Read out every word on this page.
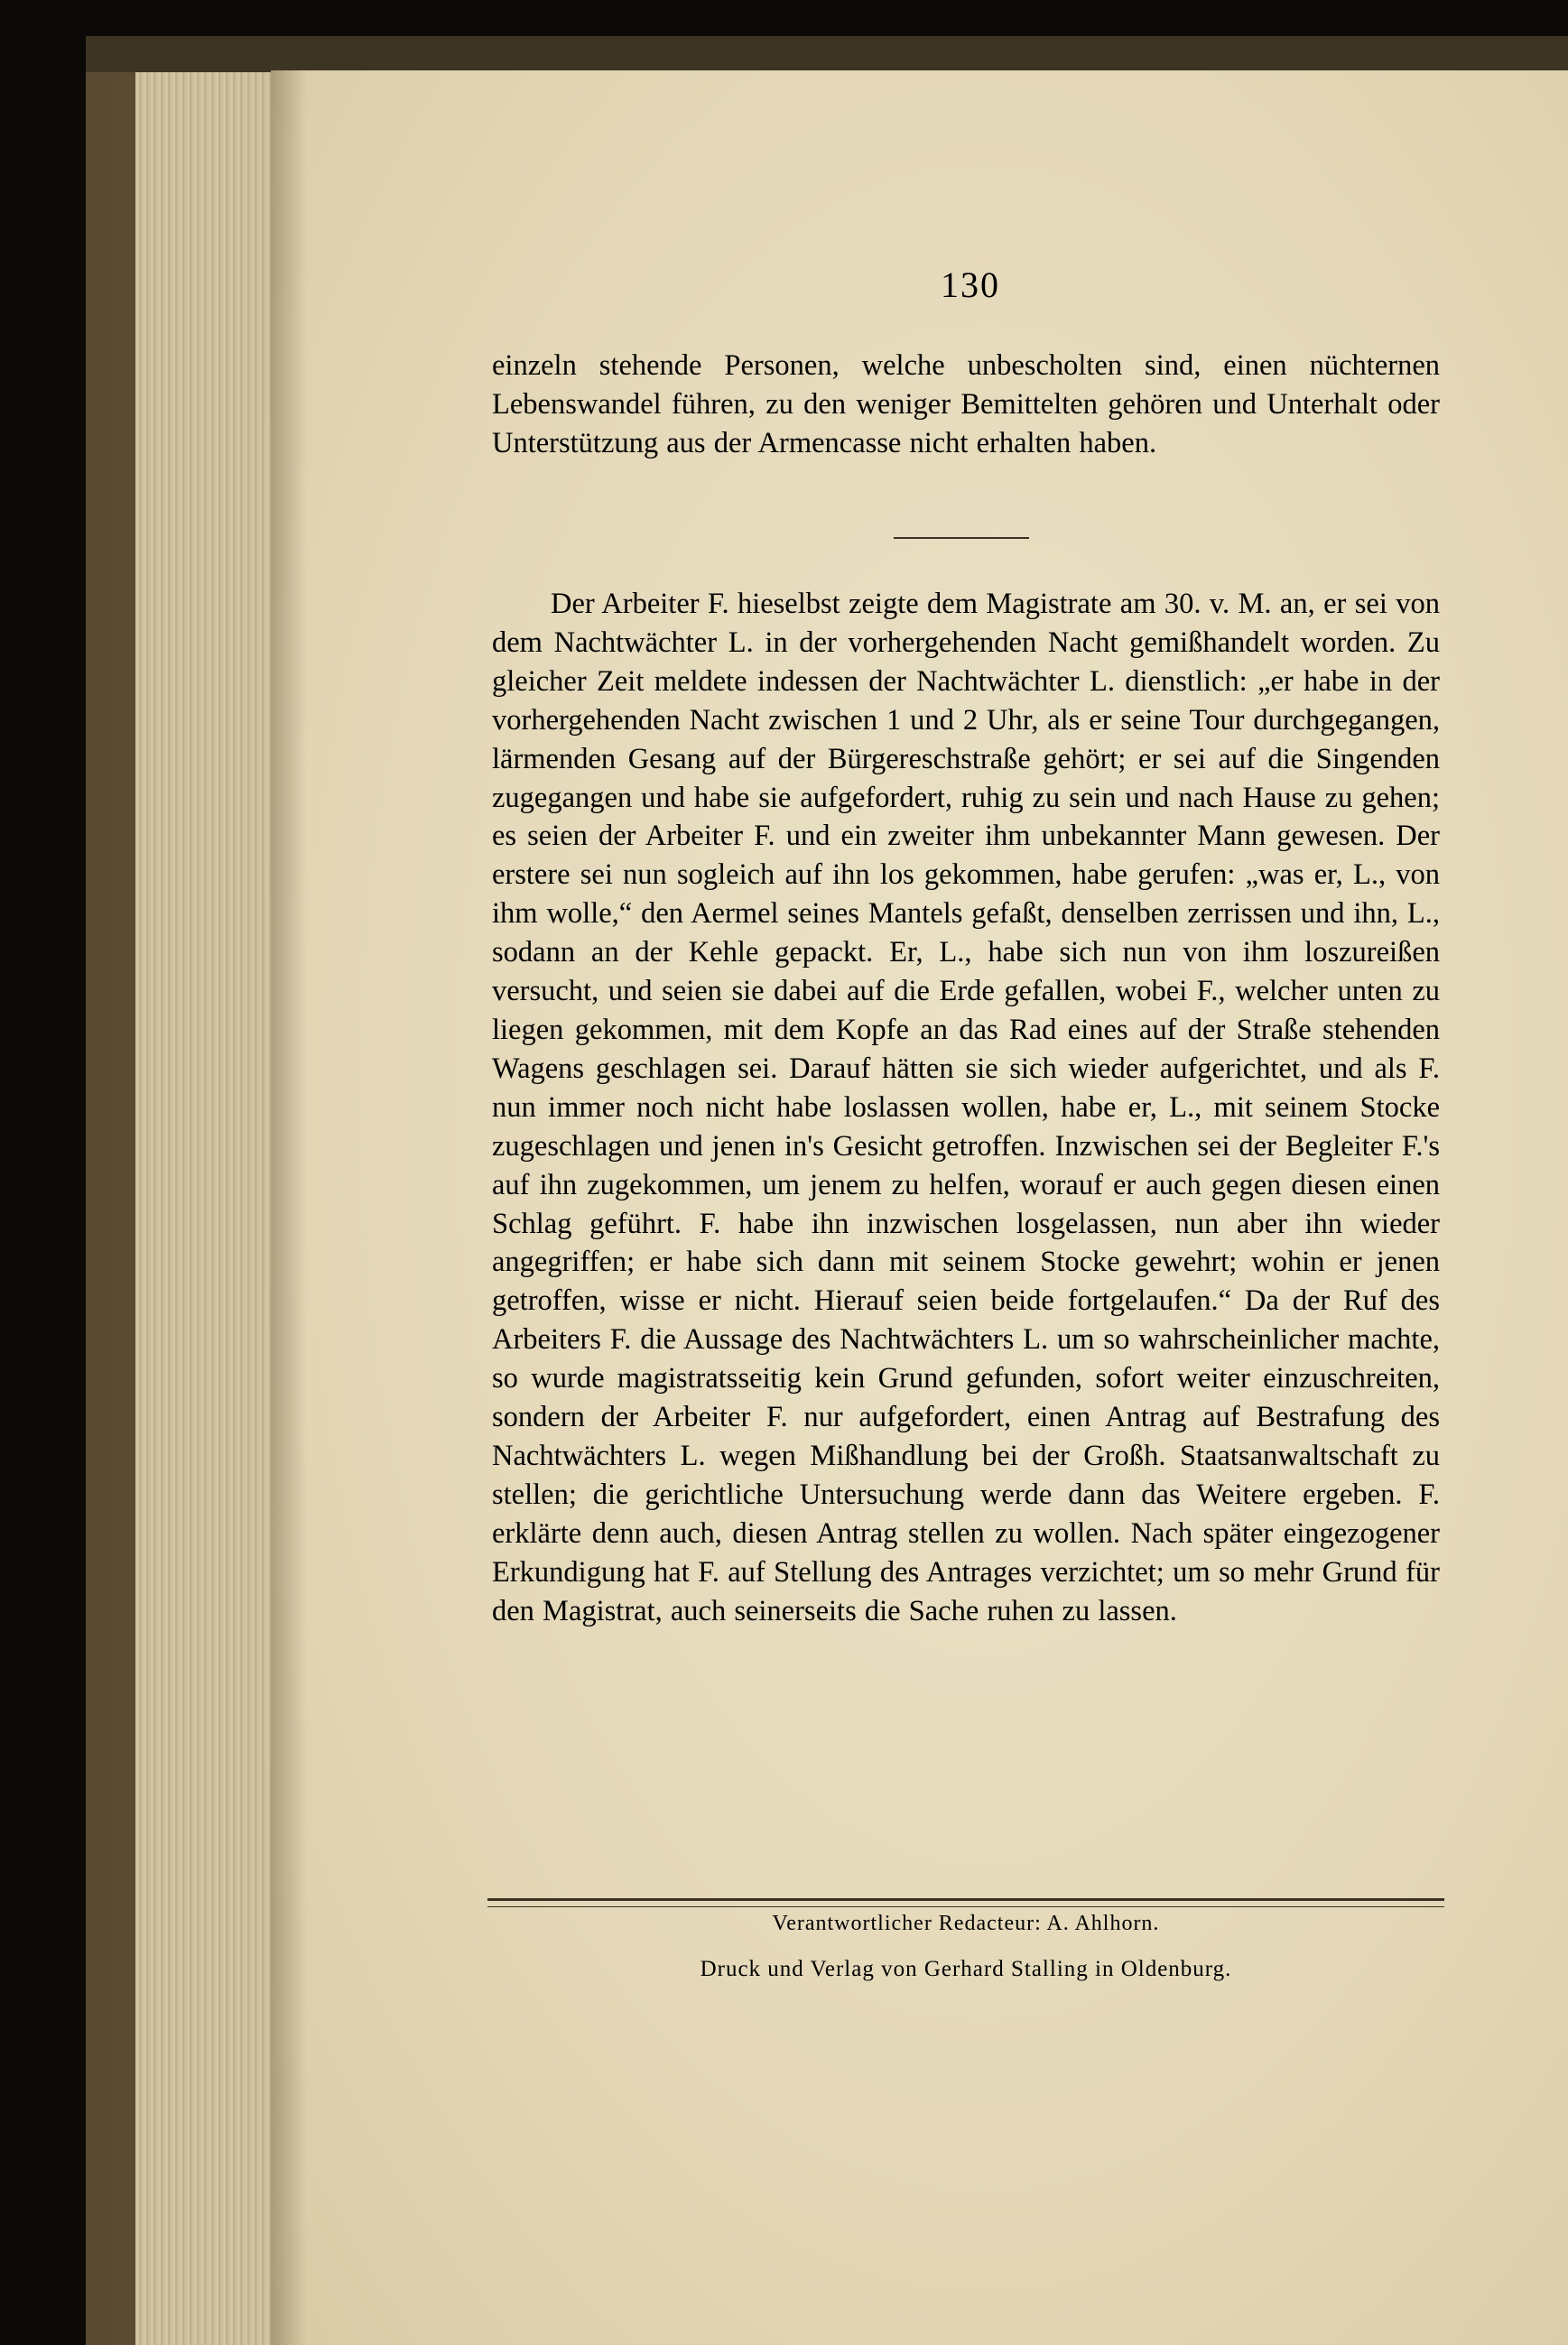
130
einzeln stehende Personen, welche unbescholten sind, einen nüchternen Lebenswandel führen, zu den weniger Bemittelten gehören und Unterhalt oder Unterstützung aus der Armencasse nicht erhalten haben.
Der Arbeiter F. hieselbst zeigte dem Magistrate am 30. v. M. an, er sei von dem Nachtwächter L. in der vorhergehenden Nacht gemißhandelt worden. Zu gleicher Zeit meldete indessen der Nachtwächter L. dienstlich: „er habe in der vorhergehenden Nacht zwischen 1 und 2 Uhr, als er seine Tour durchgegangen, lärmenden Gesang auf der Bürgereschstraße gehört; er sei auf die Singenden zugegangen und habe sie aufgefordert, ruhig zu sein und nach Hause zu gehen; es seien der Arbeiter F. und ein zweiter ihm unbekannter Mann gewesen. Der erstere sei nun sogleich auf ihn los gekommen, habe gerufen: „was er, L., von ihm wolle,“ den Aermel seines Mantels gefaßt, denselben zerrissen und ihn, L., sodann an der Kehle gepackt. Er, L., habe sich nun von ihm loszureißen versucht, und seien sie dabei auf die Erde gefallen, wobei F., welcher unten zu liegen gekommen, mit dem Kopfe an das Rad eines auf der Straße stehenden Wagens geschlagen sei. Darauf hätten sie sich wieder aufgerichtet, und als F. nun immer noch nicht habe loslassen wollen, habe er, L., mit seinem Stocke zugeschlagen und jenen in's Gesicht getroffen. Inzwischen sei der Begleiter F.'s auf ihn zugekommen, um jenem zu helfen, worauf er auch gegen diesen einen Schlag geführt. F. habe ihn inzwischen losgelassen, nun aber ihn wieder angegriffen; er habe sich dann mit seinem Stocke gewehrt; wohin er jenen getroffen, wisse er nicht. Hierauf seien beide fortgelaufen.“ Da der Ruf des Arbeiters F. die Aussage des Nachtwächters L. um so wahrscheinlicher machte, so wurde magistratsseitig kein Grund gefunden, sofort weiter einzuschreiten, sondern der Arbeiter F. nur aufgefordert, einen Antrag auf Bestrafung des Nachtwächters L. wegen Mißhandlung bei der Großh. Staatsanwaltschaft zu stellen; die gerichtliche Untersuchung werde dann das Weitere ergeben. F. erklärte denn auch, diesen Antrag stellen zu wollen. Nach später eingezogener Erkundigung hat F. auf Stellung des Antrages verzichtet; um so mehr Grund für den Magistrat, auch seinerseits die Sache ruhen zu lassen.
Verantwortlicher Redacteur: A. Ahlhorn.
Druck und Verlag von Gerhard Stalling in Oldenburg.
